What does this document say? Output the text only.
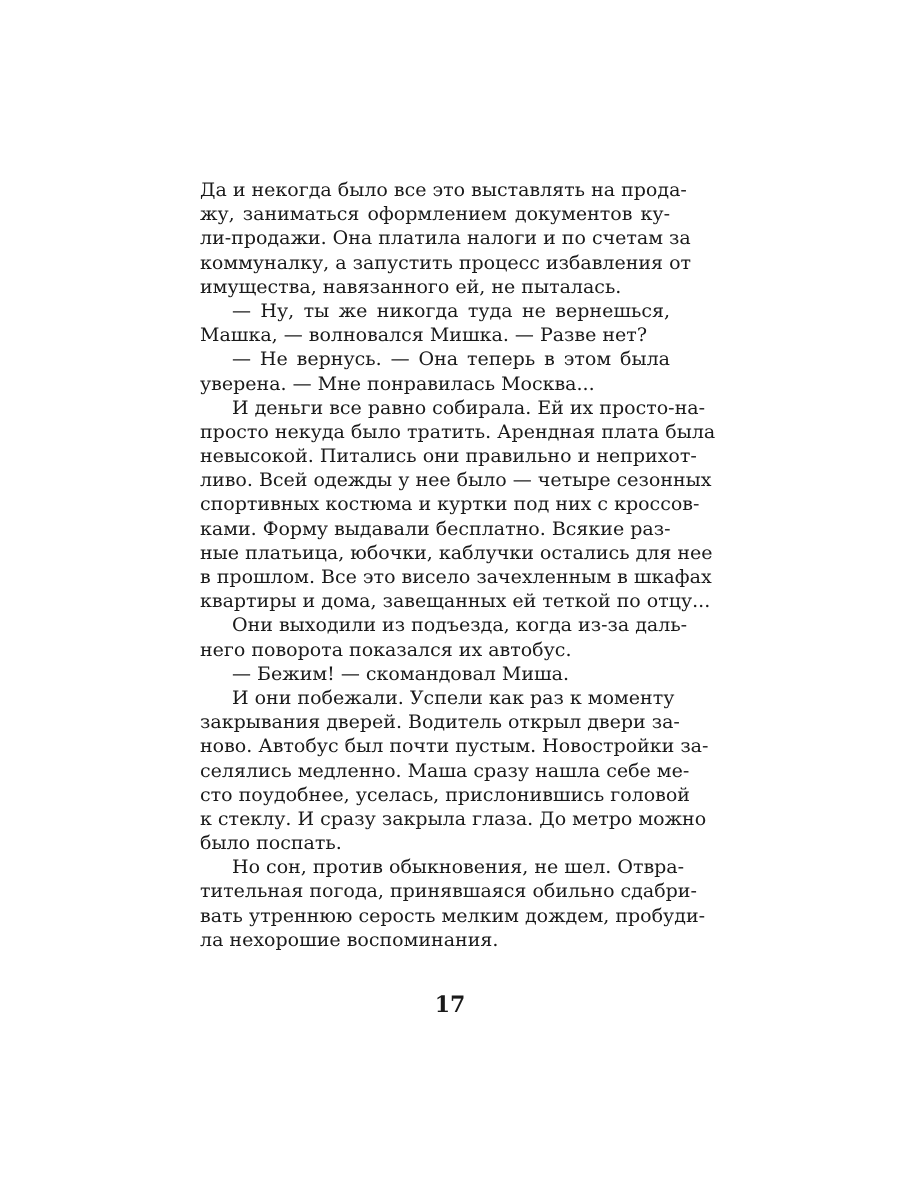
Да и некогда было все это выставлять на прода-
жу, заниматься оформлением документов ку-
ли-продажи. Она платила налоги и по счетам за
коммуналку, а запустить процесс избавления от
имущества, навязанного ей, не пыталась.
— Ну, ты же никогда туда не вернешься,
Машка, — волновался Мишка. — Разве нет?
— Не вернусь. — Она теперь в этом была
уверена. — Мне понравилась Москва...
И деньги все равно собирала. Ей их просто-на-
просто некуда было тратить. Арендная плата была
невысокой. Питались они правильно и неприхот-
ливо. Всей одежды у нее было — четыре сезонных
спортивных костюма и куртки под них с кроссов-
ками. Форму выдавали бесплатно. Всякие раз-
ные платьица, юбочки, каблучки остались для нее
в прошлом. Все это висело зачехленным в шкафах
квартиры и дома, завещанных ей теткой по отцу...
Они выходили из подъезда, когда из-за даль-
него поворота показался их автобус.
— Бежим! — скомандовал Миша.
И они побежали. Успели как раз к моменту
закрывания дверей. Водитель открыл двери за-
ново. Автобус был почти пустым. Новостройки за-
селялись медленно. Маша сразу нашла себе ме-
сто поудобнее, уселась, прислонившись головой
к стеклу. И сразу закрыла глаза. До метро можно
было поспать.
Но сон, против обыкновения, не шел. Отвра-
тительная погода, принявшаяся обильно сдабри-
вать утреннюю серость мелким дождем, пробуди-
ла нехорошие воспоминания.
17
